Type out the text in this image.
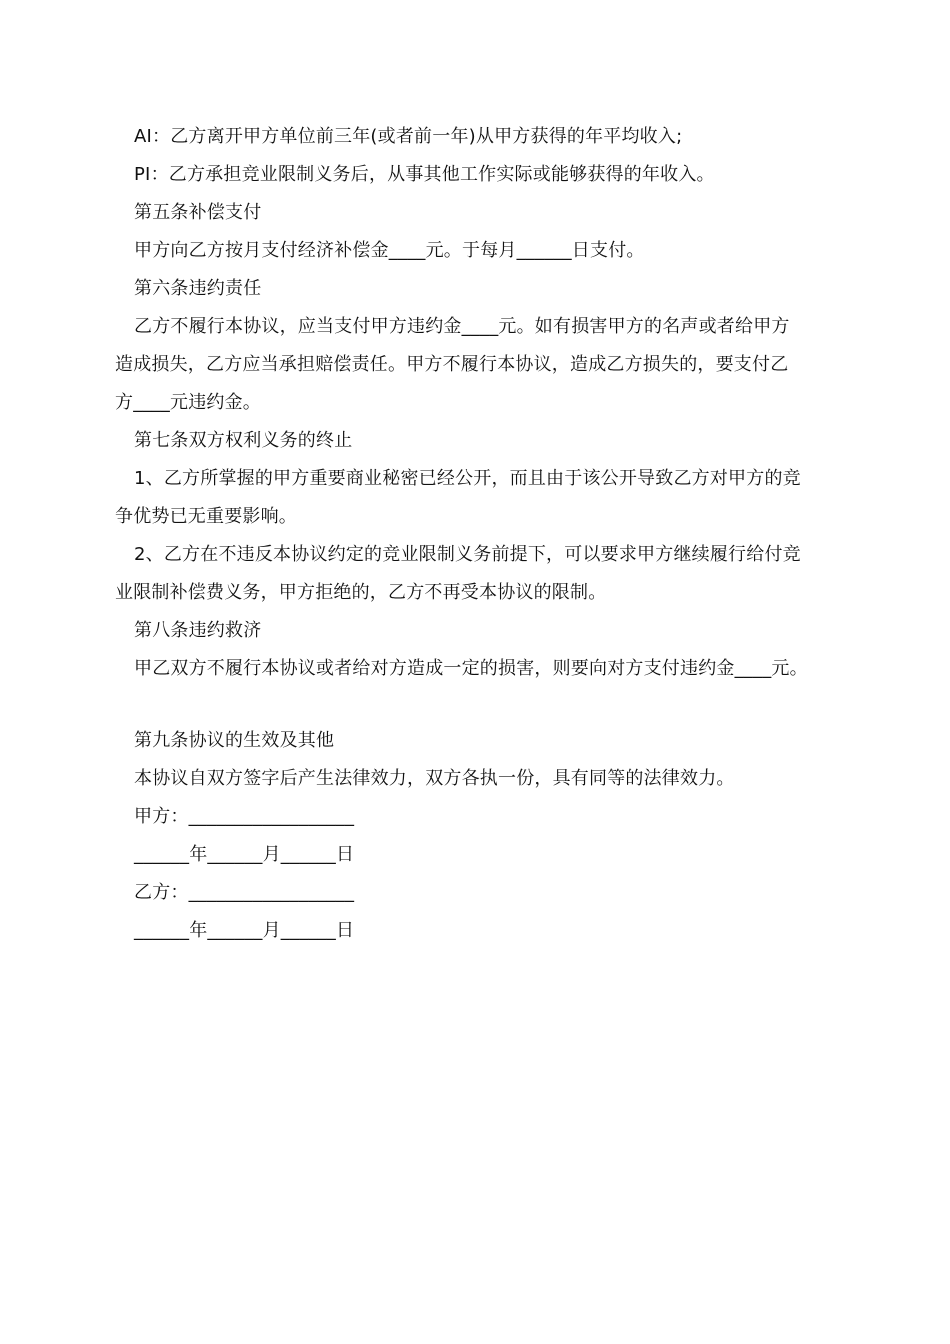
AI：乙方离开甲方单位前三年(或者前一年)从甲方获得的年平均收入;
PI：乙方承担竞业限制义务后，从事其他工作实际或能够获得的年收入。
第五条补偿支付
甲方向乙方按月支付经济补偿金____元。于每月______日支付。
第六条违约责任
乙方不履行本协议，应当支付甲方违约金____元。如有损害甲方的名声或者给甲方
造成损失，乙方应当承担赔偿责任。甲方不履行本协议，造成乙方损失的，要支付乙
方____元违约金。
第七条双方权利义务的终止
1、乙方所掌握的甲方重要商业秘密已经公开，而且由于该公开导致乙方对甲方的竞
争优势已无重要影响。
2、乙方在不违反本协议约定的竞业限制义务前提下，可以要求甲方继续履行给付竞
业限制补偿费义务，甲方拒绝的，乙方不再受本协议的限制。
第八条违约救济
甲乙双方不履行本协议或者给对方造成一定的损害，则要向对方支付违约金____元。
第九条协议的生效及其他
本协议自双方签字后产生法律效力，双方各执一份，具有同等的法律效力。
甲方：__________________
______年______月______日
乙方：__________________
______年______月______日
